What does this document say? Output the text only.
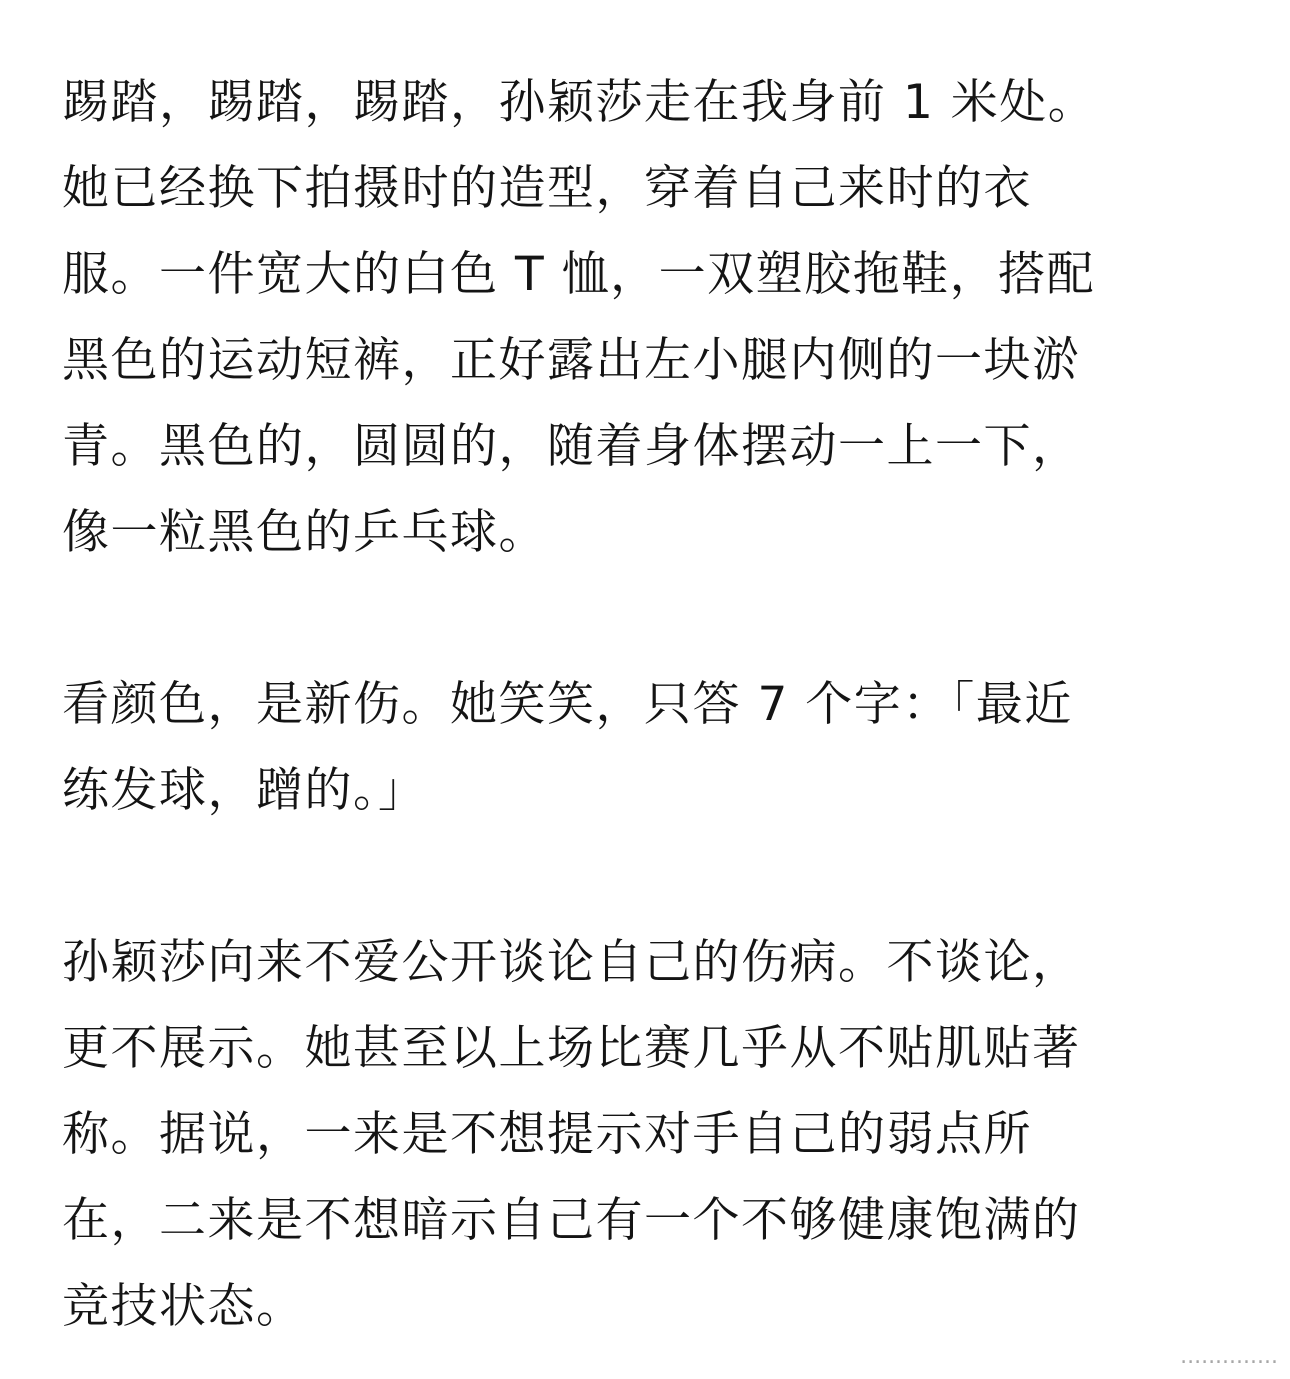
踢踏，踢踏，踢踏，孙颖莎走在我身前 1 米处。
她已经换下拍摄时的造型，穿着自己来时的衣
服。一件宽大的白色 T 恤，一双塑胶拖鞋，搭配
黑色的运动短裤，正好露出左小腿内侧的一块淤
青。黑色的，圆圆的，随着身体摆动一上一下，
像一粒黑色的乒乓球。
看颜色，是新伤。她笑笑，只答 7 个字：「最近
练发球，蹭的。」
孙颖莎向来不爱公开谈论自己的伤病。不谈论，
更不展示。她甚至以上场比赛几乎从不贴肌贴著
称。据说，一来是不想提示对手自己的弱点所
在，二来是不想暗示自己有一个不够健康饱满的
竞技状态。
..............
